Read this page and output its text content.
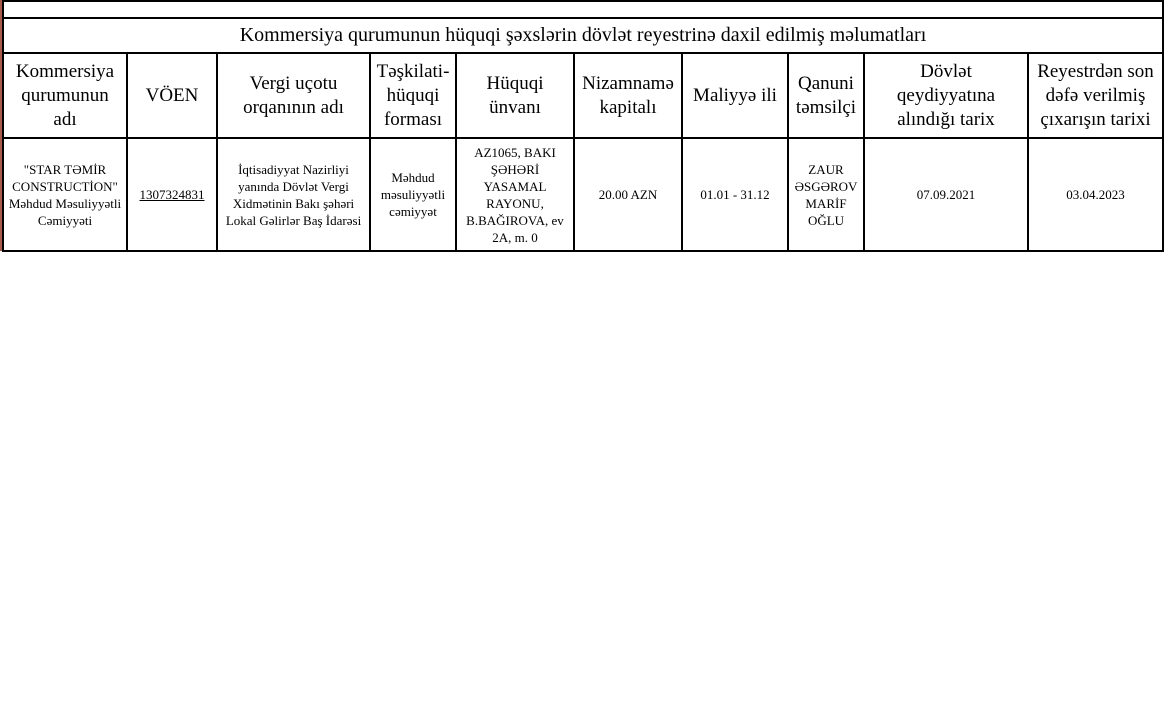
Kommersiya qurumunun hüquqi şəxslərin dövlət reyestrinə daxil edilmiş məlumatları									
Kommersiya qurumunun adı	VÖEN	Vergi uçotu orqanının adı	Təşkilati-hüquqi forması	Hüquqi ünvanı	Nizamnamə kapitalı	Maliyyə ili	Qanuni təmsilçi	Dövlət qeydiyyatına alındığı tarix	Reyestrdən son dəfə verilmiş çıxarışın tarixi
"STAR TƏMİR CONSTRUCTİON" Məhdud Məsuliyyətli Cəmiyyəti	1307324831	İqtisadiyyat Nazirliyi yanında Dövlət Vergi Xidmətinin Bakı şəhəri Lokal Gəlirlər Baş İdarəsi	Məhdud məsuliyyətli cəmiyyət	AZ1065, BAKI ŞƏHƏRİ YASAMAL RAYONU, B.BAĞIROVA, ev 2A, m. 0	20.00 AZN	01.01 - 31.12	ZAUR ƏSGƏROV MARİF OĞLU	07.09.2021	03.04.2023
